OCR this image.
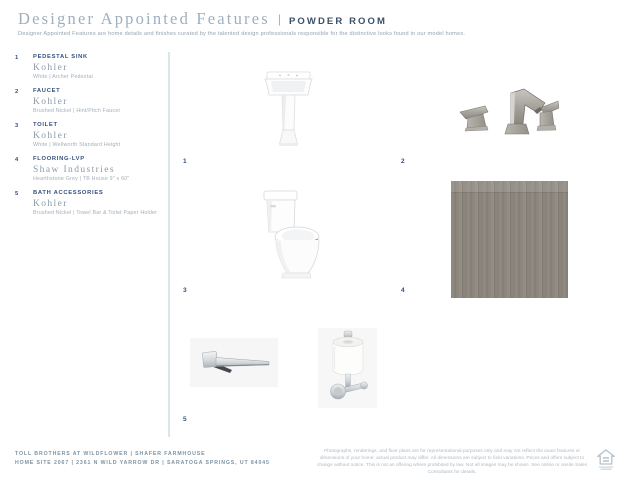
Designer Appointed Features | POWDER ROOM
Designer Appointed Features are home details and finishes curated by the talented design professionals responsible for the distinctive looks found in our model homes.
1	PEDESTAL SINK
Kohler
White | Archer Pedestal
2	FAUCET
Kohler
Brushed Nickel | Hint/Pitch Faucet
3	TOILET
Kohler
White | Wellworth Standard Height
4	FLOORING-LVP
Shaw Industries
Hearthstone Grey | TB House 9" x 60"
5	BATH ACCESSORIES
Kohler
Brushed Nickel | Towel Bar & Toilet Paper Holder
1	2
3	4
5
TOLL BROTHERS AT WILDFLOWER | SHAFER FARMHOUSE
HOME SITE 2067 | 2361 N WILD YARROW DR | SARATOGA SPRINGS, UT 84045
Photographs, renderings, and floor plans are for representational purposes only and may not reflect the exact features or dimensions of your home; actual product may differ. All dimensions are subject to field variations. Prices and offers subject to change without notice. This is not an offering where prohibited by law. Not all images may be shown. See online or onsite Sales Consultants for details.
